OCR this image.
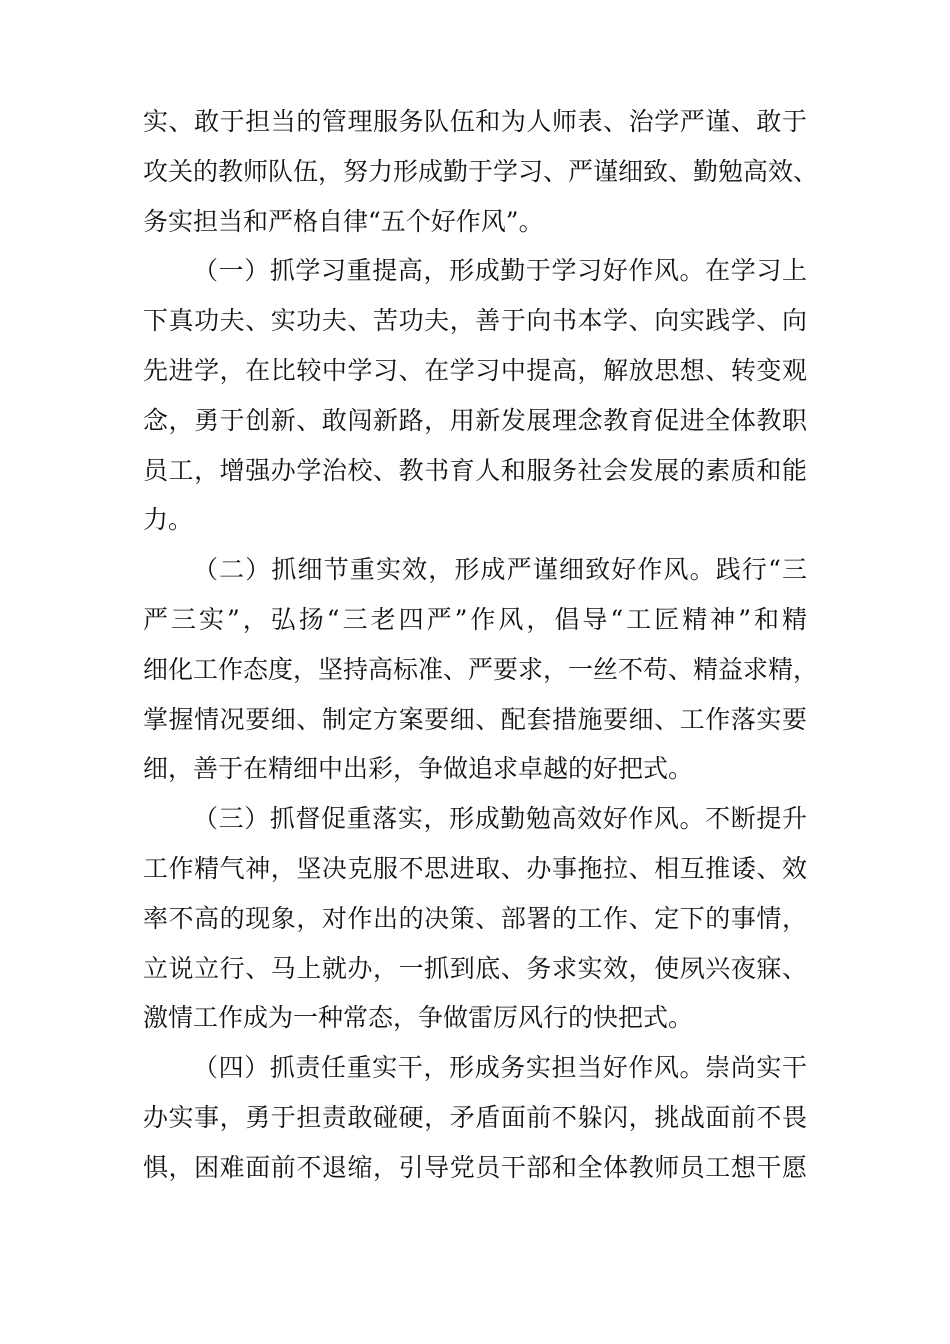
实、敢于担当的管理服务队伍和为人师表、治学严谨、敢于
攻关的教师队伍，努力形成勤于学习、严谨细致、勤勉高效、
务实担当和严格自律“五个好作风”。
（一）抓学习重提高，形成勤于学习好作风。在学习上
下真功夫、实功夫、苦功夫，善于向书本学、向实践学、向
先进学，在比较中学习、在学习中提高，解放思想、转变观
念，勇于创新、敢闯新路，用新发展理念教育促进全体教职
员工，增强办学治校、教书育人和服务社会发展的素质和能
力。
（二）抓细节重实效，形成严谨细致好作风。践行“三
严三实”，弘扬“三老四严”作风，倡导“工匠精神”和精
细化工作态度，坚持高标准、严要求，一丝不苟、精益求精，
掌握情况要细、制定方案要细、配套措施要细、工作落实要
细，善于在精细中出彩，争做追求卓越的好把式。
（三）抓督促重落实，形成勤勉高效好作风。不断提升
工作精气神，坚决克服不思进取、办事拖拉、相互推诿、效
率不高的现象，对作出的决策、部署的工作、定下的事情，
立说立行、马上就办，一抓到底、务求实效，使夙兴夜寐、
激情工作成为一种常态，争做雷厉风行的快把式。
（四）抓责任重实干，形成务实担当好作风。崇尚实干
办实事，勇于担责敢碰硬，矛盾面前不躲闪，挑战面前不畏
惧，困难面前不退缩，引导党员干部和全体教师员工想干愿
